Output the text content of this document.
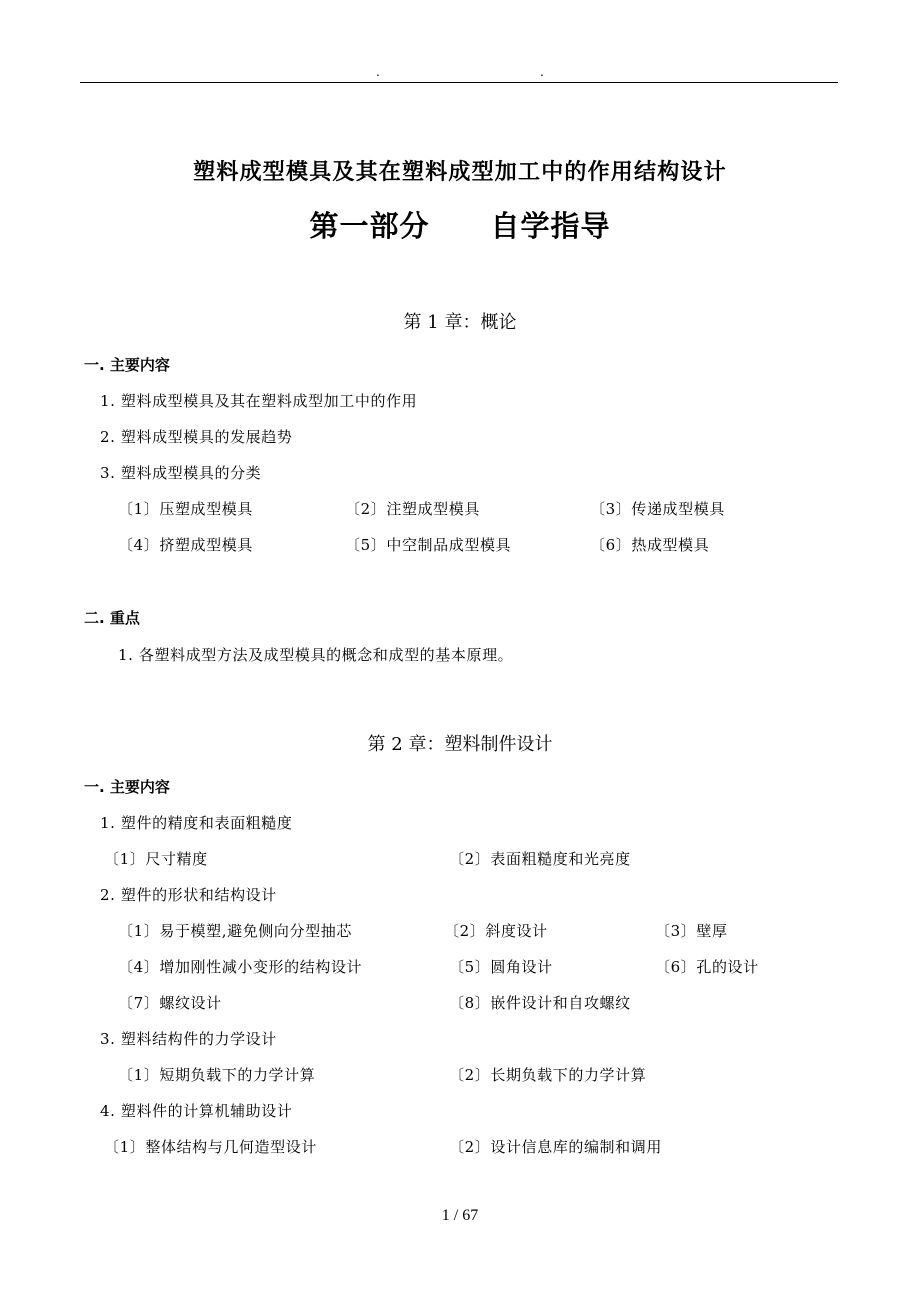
.	.
塑料成型模具及其在塑料成型加工中的作用结构设计
第一部分　 自学指导
第 1 章：概论
一. 主要内容
1. 塑料成型模具及其在塑料成型加工中的作用
2. 塑料成型模具的发展趋势
3. 塑料成型模具的分类
〔1〕压塑成型模具	〔2〕注塑成型模具	〔3〕传递成型模具
〔4〕挤塑成型模具	〔5〕中空制品成型模具	〔6〕热成型模具
二. 重点
1. 各塑料成型方法及成型模具的概念和成型的基本原理。
第 2 章：塑料制件设计
一. 主要内容
1. 塑件的精度和表面粗糙度
〔1〕尺寸精度	〔2〕表面粗糙度和光亮度
2. 塑件的形状和结构设计
〔1〕易于模塑,避免侧向分型抽芯	〔2〕斜度设计	〔3〕壁厚
〔4〕增加刚性减小变形的结构设计	〔5〕圆角设计	〔6〕孔的设计
〔7〕螺纹设计	〔8〕嵌件设计和自攻螺纹
3. 塑料结构件的力学设计
〔1〕短期负载下的力学计算	〔2〕长期负载下的力学计算
4. 塑料件的计算机辅助设计
〔1〕整体结构与几何造型设计	〔2〕设计信息库的编制和调用
1 / 67
